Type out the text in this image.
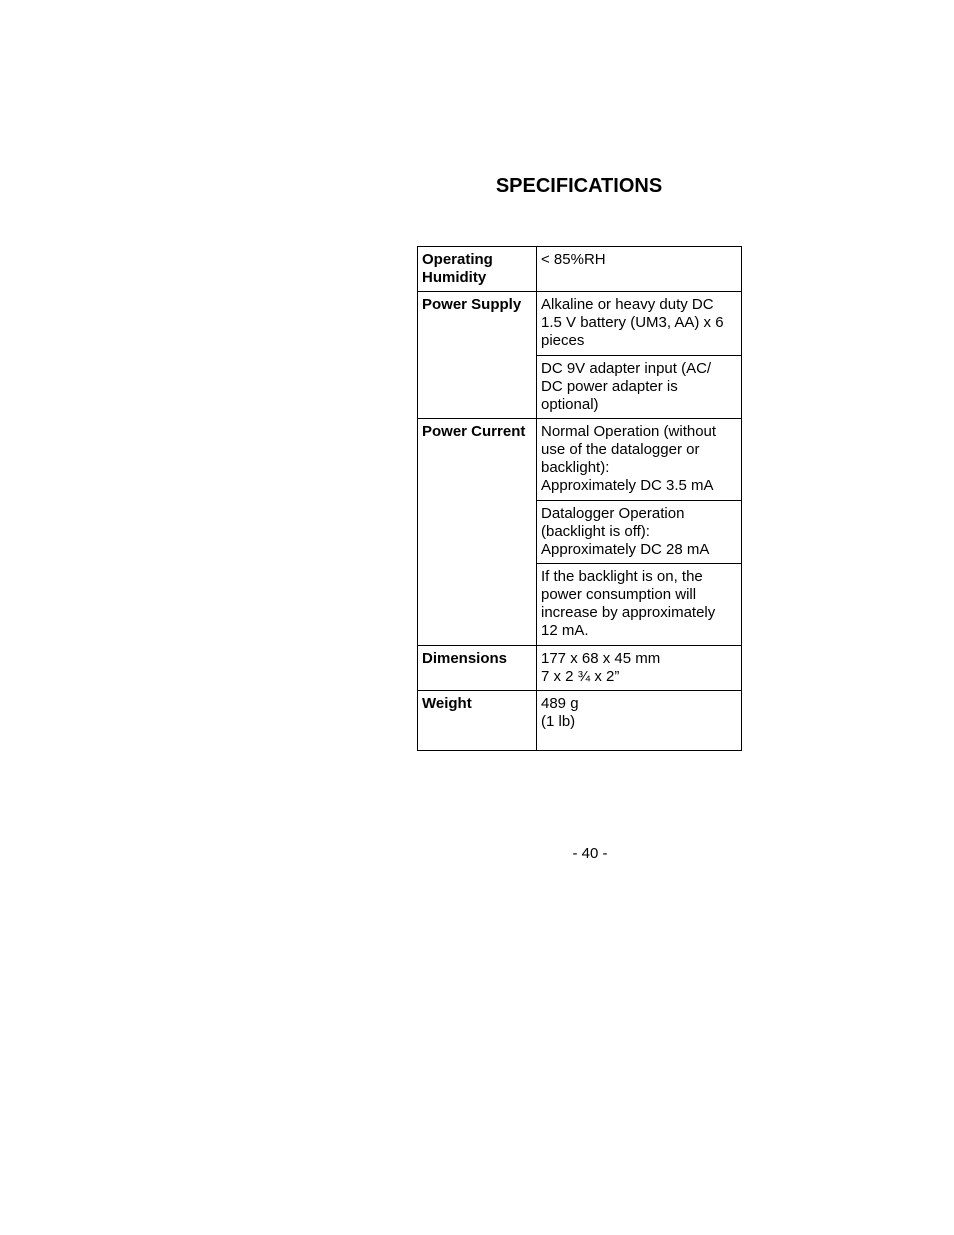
SPECIFICATIONS
Operating
Humidity	< 85%RH

Power Supply	Alkaline or heavy duty DC
1.5 V battery (UM3, AA) x 6
pieces

	DC 9V adapter input (AC/
DC power adapter is
optional)

Power Current	Normal Operation (without
use of the datalogger or
backlight):
Approximately DC 3.5 mA

	Datalogger Operation
(backlight is off):
Approximately DC 28 mA

	If the backlight is on, the
power consumption will
increase by approximately
12 mA.

Dimensions	177 x 68 x 45 mm
7 x 2 ¾ x 2”

Weight	489 g
(1 lb)
- 40 -
